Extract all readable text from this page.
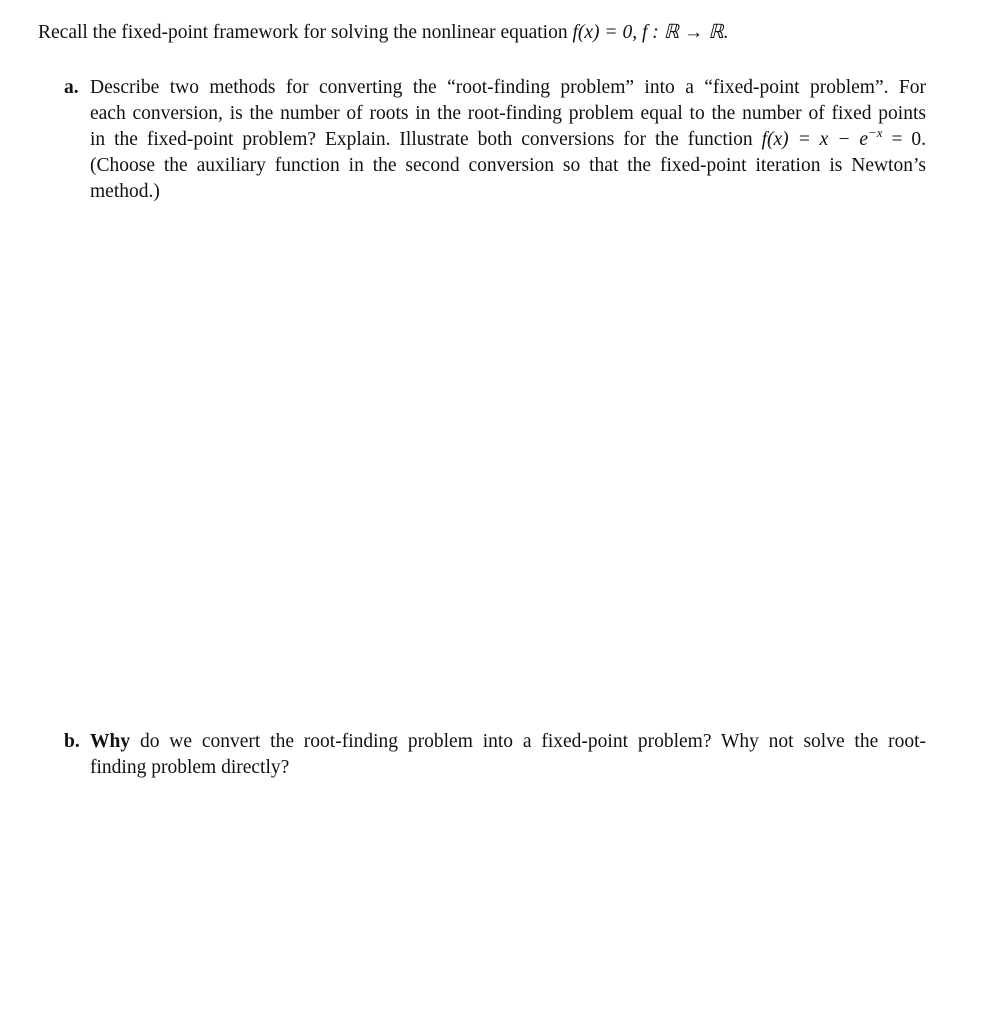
Recall the fixed-point framework for solving the nonlinear equation f(x) = 0, f : ℝ → ℝ.
a. Describe two methods for converting the “root-finding problem” into a “fixed-point problem”. For
each conversion, is the number of roots in the root-finding problem equal to the number of fixed points
in the fixed-point problem? Explain. Illustrate both conversions for the function $f(x) = x - e^{-x} = 0$.
(Choose the auxiliary function in the second conversion so that the fixed-point iteration is Newton’s
method.)
b. Why do we convert the root-finding problem into a fixed-point problem? Why not solve the root-
finding problem directly?
